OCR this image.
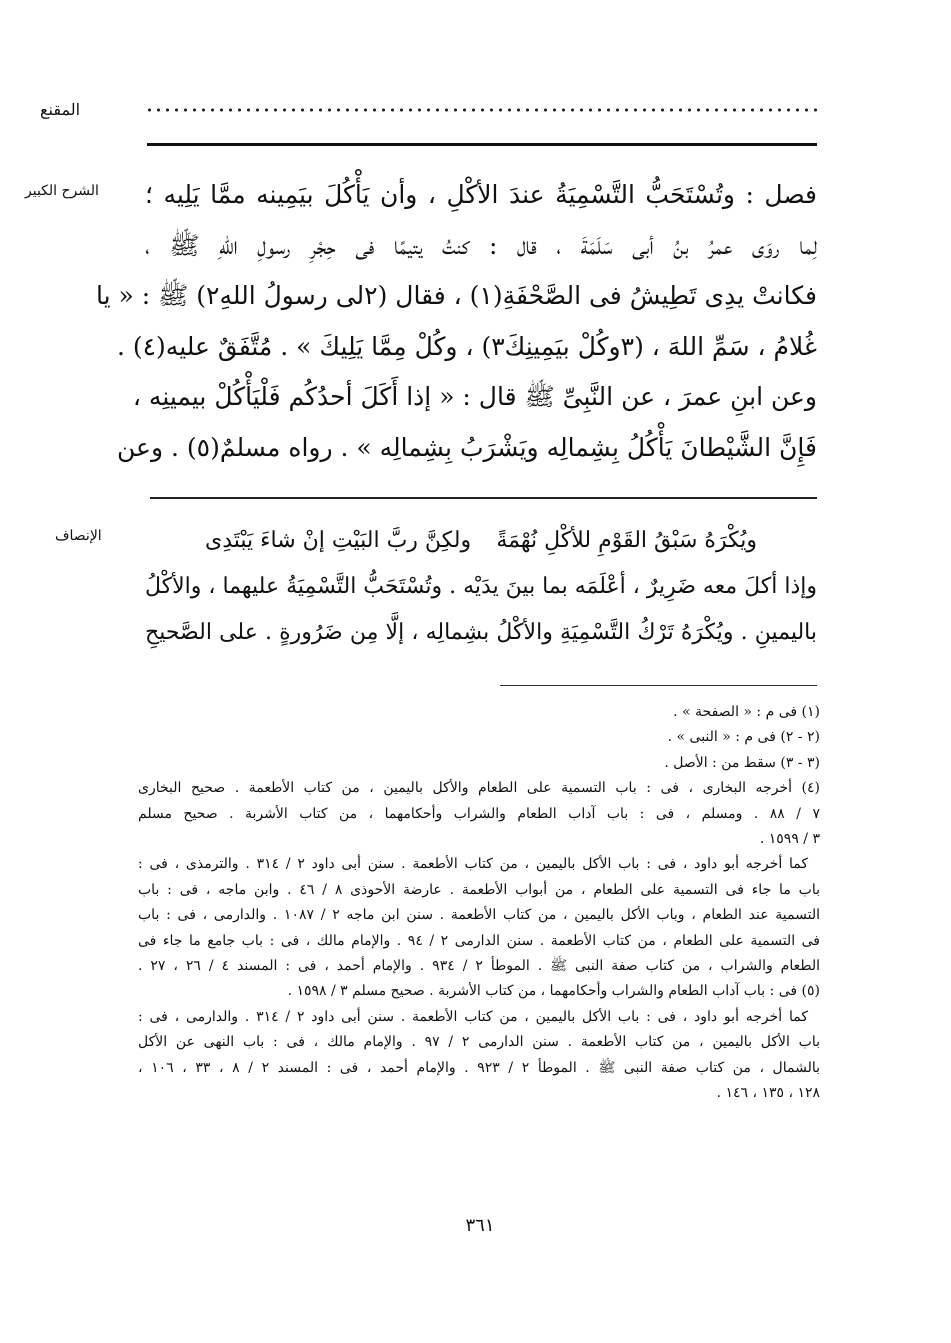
المقنع
الشرح الكبير فصل : وتُسْتَحَبُّ التَّسْمِيَةُ عندَ الأكْلِ ، وأن يَأْكُلَ بيَمِينه ممَّا يَلِيه ؛
لِما روَى عمرُ بنُ أبى سَلَمَةَ ، قال : كنتُ يتيمًا فى حِجْرِ رسولِ اللهِ ﷺ ،
فكانتْ يدِى تَطِيشُ فى الصَّحْفَةِ(١) ، فقال (٢لى رسولُ اللهِ٢) ﷺ : « يا
غُلامُ ، سَمِّ اللهَ ، (٣وكُلْ بيَمِينِكَ٣) ، وكُلْ مِمَّا يَلِيكَ » . مُتَّفَقٌ عليه(٤) .
وعن ابنِ عمرَ ، عن النَّبِىِّ ﷺ قال : « إذا أَكَلَ أحدُكُم فَلْيَأْكُلْ بيمينِه ،
فَإِنَّ الشَّيْطانَ يَأْكُلُ بِشِمالِه ويَشْرَبُ بِشِمالِه » . رواه مسلمٌ(٥) . وعن
الإنصاف	ويُكْرَهُ سَبْقُ القَوْمِ للأكْلِ نُهْمَةً
ولكِنَّ ربَّ البَيْتِ إنْ شاءَ يَبْتَدِى
وإذا أكلَ معه ضَرِيرٌ ، أعْلَمَه بما بينَ يدَيْه . وتُسْتَحَبُّ التَّسْمِيَةُ عليهما ، والأكْلُ
باليمينِ . ويُكْرَهُ تَرْكُ التَّسْمِيَةِ والأكْلُ بشِمالِه ، إلَّا مِن ضَرُورةٍ . على الصَّحيحِ
(١) فى م : « الصفحة » .
(٢ - ٢) فى م : « النبى » .
(٣ - ٣) سقط من : الأصل .
(٤) أخرجه البخارى ، فى : باب التسمية على الطعام والأكل باليمين ، من كتاب الأطعمة . صحيح البخارى
٧ / ٨٨ . ومسلم ، فى : باب آداب الطعام والشراب وأحكامهما ، من كتاب الأشربة . صحيح مسلم
٣ / ١٥٩٩ .
كما أخرجه أبو داود ، فى : باب الأكل باليمين ، من كتاب الأطعمة . سنن أبى داود ٢ / ٣١٤ . والترمذى ، فى :
باب ما جاء فى التسمية على الطعام ، من أبواب الأطعمة . عارضة الأحوذى ٨ / ٤٦ . وابن ماجه ، فى : باب
التسمية عند الطعام ، وباب الأكل باليمين ، من كتاب الأطعمة . سنن ابن ماجه ٢ / ١٠٨٧ . والدارمى ، فى : باب
فى التسمية على الطعام ، من كتاب الأطعمة . سنن الدارمى ٢ / ٩٤ . والإمام مالك ، فى : باب جامع ما جاء فى
الطعام والشراب ، من كتاب صفة النبى ﷺ . الموطأ ٢ / ٩٣٤ . والإمام أحمد ، فى : المسند ٤ / ٢٦ ، ٢٧ .
(٥) فى : باب آداب الطعام والشراب وأحكامهما ، من كتاب الأشربة . صحيح مسلم ٣ / ١٥٩٨ .
كما أخرجه أبو داود ، فى : باب الأكل باليمين ، من كتاب الأطعمة . سنن أبى داود ٢ / ٣١٤ . والدارمى ، فى :
باب الأكل باليمين ، من كتاب الأطعمة . سنن الدارمى ٢ / ٩٧ . والإمام مالك ، فى : باب النهى عن الأكل
بالشمال ، من كتاب صفة النبى ﷺ . الموطأ ٢ / ٩٢٣ . والإمام أحمد ، فى : المسند ٢ / ٨ ، ٣٣ ، ١٠٦ ،
١٢٨ ، ١٣٥ ، ١٤٦ .
٣٦١
